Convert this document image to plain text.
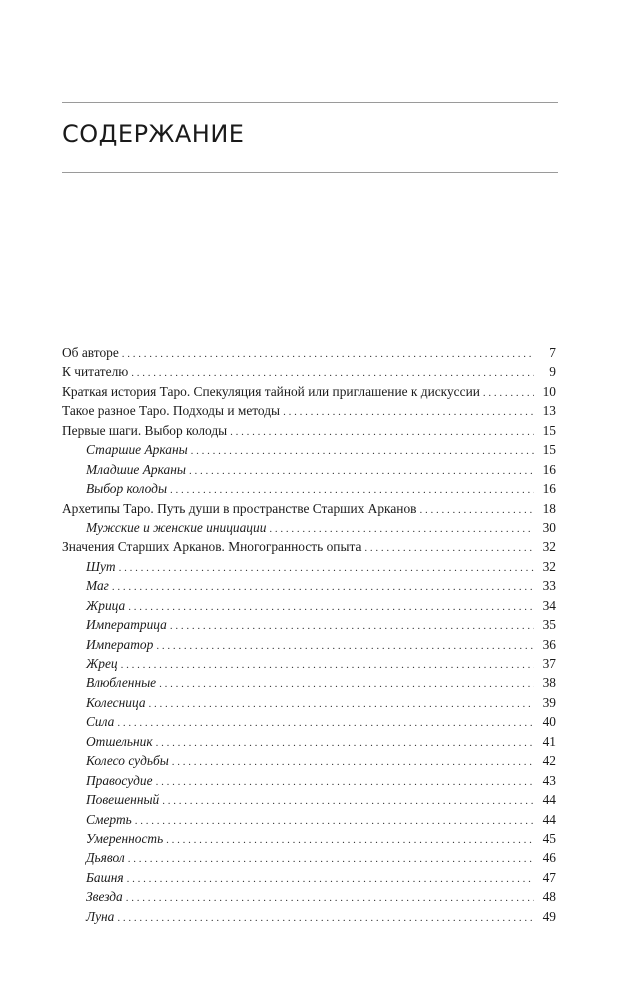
СОДЕРЖАНИЕ
Об авторе . . .	7
К читателю . . .	9
Краткая история Таро. Спекуляция тайной или приглашение к дискуссии . . .	10
Такое разное Таро. Подходы и методы . . .	13
Первые шаги. Выбор колоды . . .	15
Старшие Арканы . . .	15
Младшие Арканы . . .	16
Выбор колоды . . .	16
Архетипы Таро. Путь души в пространстве Старших Арканов . . .	18
Мужские и женские инициации . . .	30
Значения Старших Арканов. Многогранность опыта . . .	32
Шут . . .	32
Маг . . .	33
Жрица . . .	34
Императрица . . .	35
Император . . .	36
Жрец . . .	37
Влюбленные . . .	38
Колесница . . .	39
Сила . . .	40
Отшельник . . .	41
Колесо судьбы . . .	42
Правосудие . . .	43
Повешенный . . .	44
Смерть . . .	44
Умеренность . . .	45
Дьявол . . .	46
Башня . . .	47
Звезда . . .	48
Луна . . .	49
